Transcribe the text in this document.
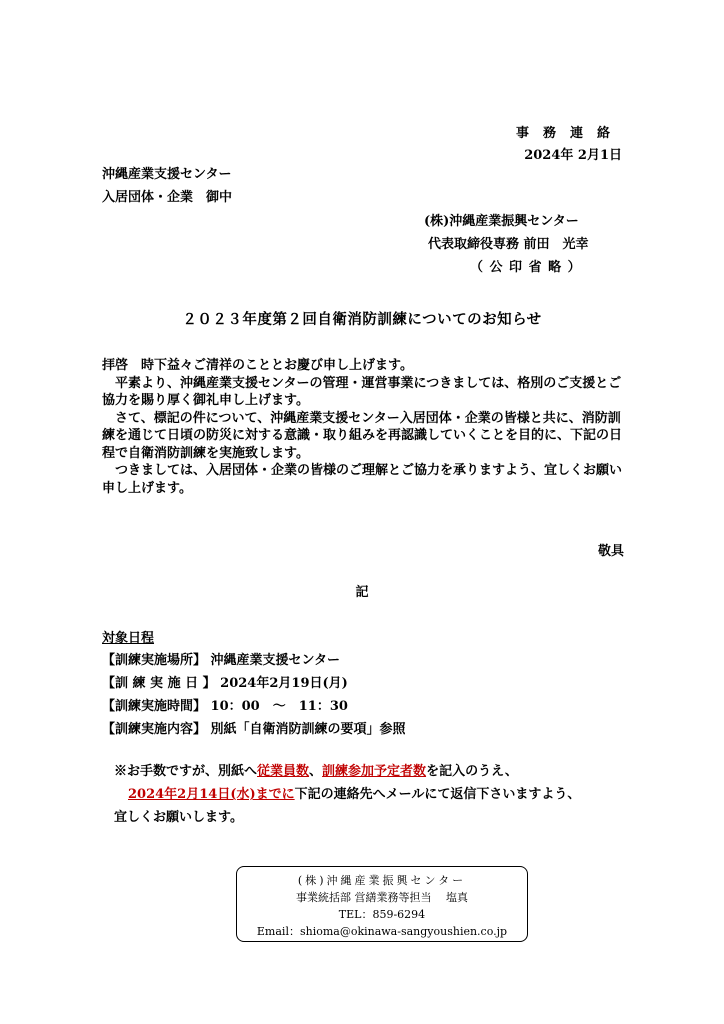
事務連絡
2024年 2月1日
沖縄産業支援センター
入居団体・企業　御中
(株)沖縄産業振興センター
代表取締役専務 前田　光幸
（ 公 印 省 略 ）
２０２３年度第２回自衛消防訓練についてのお知らせ

拝啓　時下益々ご清祥のこととお慶び申し上げます。

平素より、沖縄産業支援センターの管理・運営事業につきましては、格別のご支援とご協力を賜り厚く御礼申し上げます。

さて、標記の件について、沖縄産業支援センター入居団体・企業の皆様と共に、消防訓練を通じて日頃の防災に対する意識・取り組みを再認識していくことを目的に、下記の日程で自衛消防訓練を実施致します。

つきましては、入居団体・企業の皆様のご理解とご協力を承りますよう、宜しくお願い申し上げます。

敬具
記
対象日程
【訓練実施場所】 沖縄産業支援センター
【訓 練 実 施 日 】 2024年2月19日(月)
【訓練実施時間】 10：00　～　11：30
【訓練実施内容】 別紙「自衛消防訓練の要項」参照
※お手数ですが、別紙へ従業員数、訓練参加予定者数を記入のうえ、
2024年2月14日(水)までに下記の連絡先へメールにて返信下さいますよう、
宜しくお願いします。
(株)沖縄産業振興センター
事業統括部 営繕業務等担当　 塩真
TEL：859-6294
Email：shioma@okinawa-sangyoushien.co.jp
